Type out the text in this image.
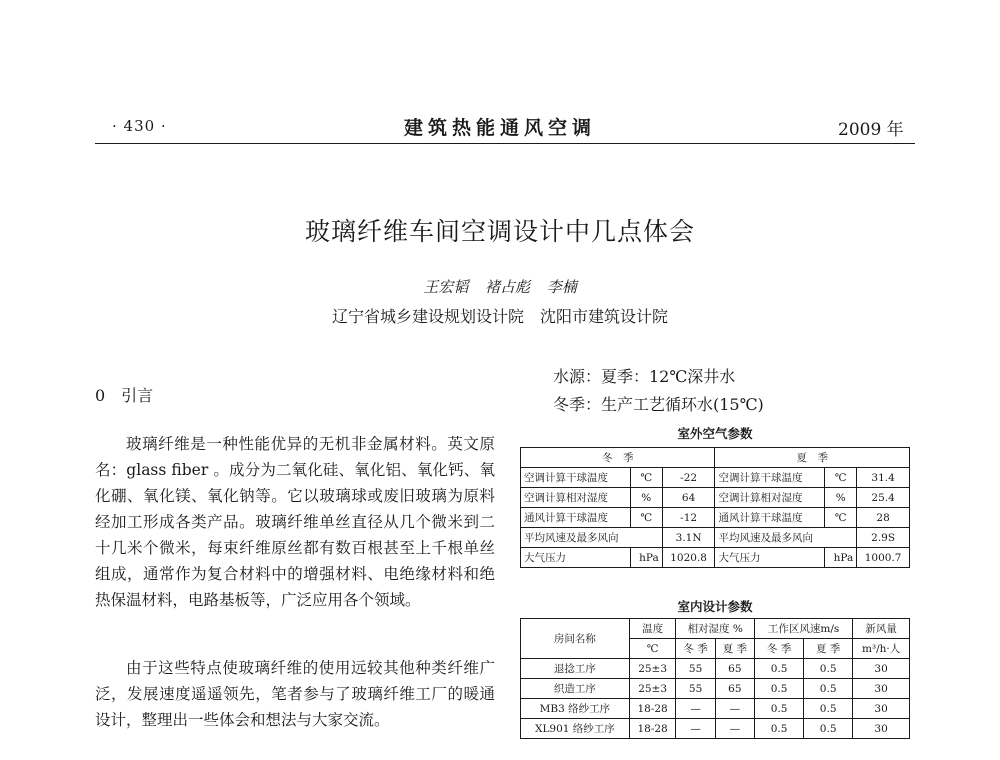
· 430 ·	建筑热能通风空调	2009 年
玻璃纤维车间空调设计中几点体会
王宏韬 褚占彪 李楠
辽宁省城乡建设规划设计院　沈阳市建筑设计院
0　引言

玻璃纤维是一种性能优异的无机非金属材料。英文原名：glass fiber 。成分为二氧化硅、氧化铝、氧化钙、氧化硼、氧化镁、氧化钠等。它以玻璃球或废旧玻璃为原料经加工形成各类产品。玻璃纤维单丝直径从几个微米到二十几米个微米，每束纤维原丝都有数百根甚至上千根单丝组成，通常作为复合材料中的增强材料、电绝缘材料和绝热保温材料，电路基板等，广泛应用各个领域。

由于这些特点使玻璃纤维的使用远较其他种类纤维广泛，发展速度遥遥领先，笔者参与了玻璃纤维工厂的暖通设计，整理出一些体会和想法与大家交流。

水源：夏季：12℃深井水
冬季：生产工艺循环水(15℃)
室外空气参数
冬　季			夏　季		
空调计算干球温度	℃	-22	空调计算干球温度	℃	31.4
空调计算相对湿度	%	64	空调计算相对湿度	%	25.4
通风计算干球温度	℃	-12	通风计算干球温度	℃	28
平均风速及最多风向		3.1N	平均风速及最多风向		2.9S
大气压力	hPa	1020.8	大气压力	hPa	1000.7
室内设计参数
房间名称	温度	相对湿度 %		工作区风速m/s		新风量
	℃	冬 季	夏 季	冬 季	夏 季	m³/h·人
退捻工序	25±3	55	65	0.5	0.5	30
织造工序	25±3	55	65	0.5	0.5	30
MB3 络纱工序	18-28	—	—	0.5	0.5	30
XL901 络纱工序	18-28	—	—	0.5	0.5	30
